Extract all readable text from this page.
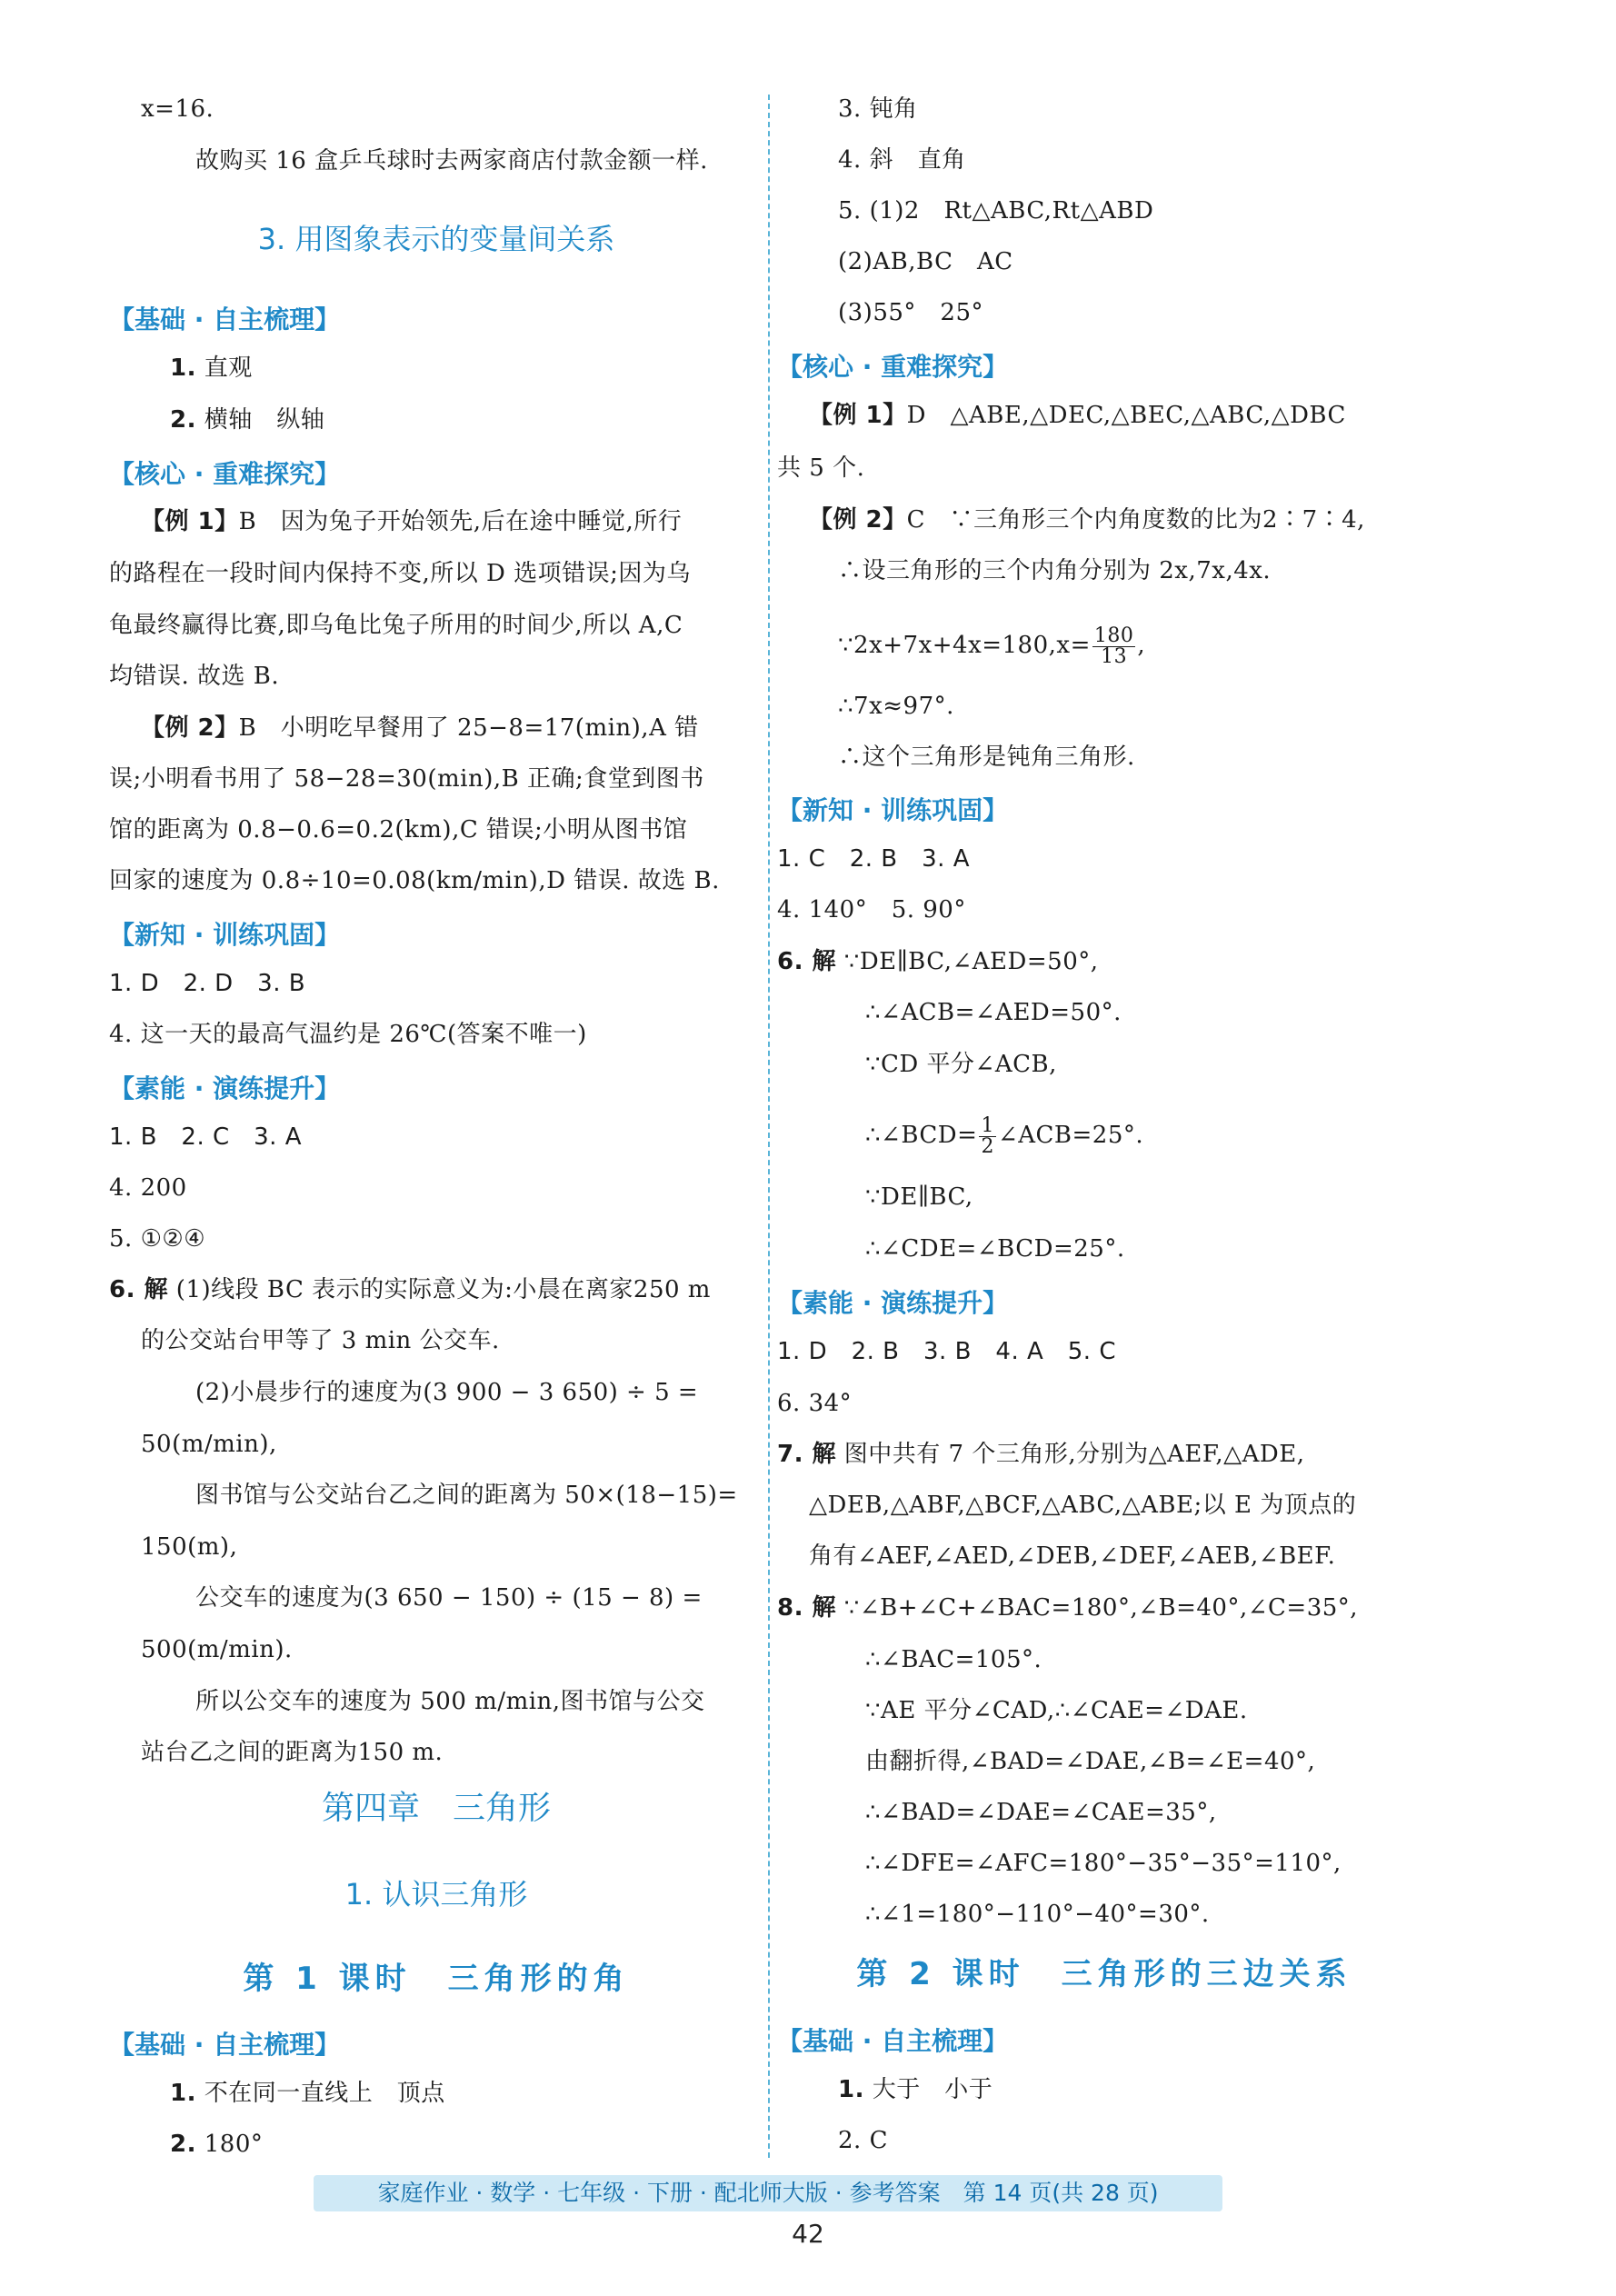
x=16.
故购买 16 盒乒乓球时去两家商店付款金额一样.
3. 用图象表示的变量间关系
【基础 · 自主梳理】
1. 直观
2. 横轴　纵轴
【核心 · 重难探究】
【例 1】B　因为兔子开始领先,后在途中睡觉,所行
的路程在一段时间内保持不变,所以 D 选项错误;因为乌
龟最终赢得比赛,即乌龟比兔子所用的时间少,所以 A,C
均错误. 故选 B.
【例 2】B　小明吃早餐用了 25−8=17(min),A 错
误;小明看书用了 58−28=30(min),B 正确;食堂到图书
馆的距离为 0.8−0.6=0.2(km),C 错误;小明从图书馆
回家的速度为 0.8÷10=0.08(km/min),D 错误. 故选 B.
【新知 · 训练巩固】
1. D　2. D　3. B
4. 这一天的最高气温约是 26℃(答案不唯一)
【素能 · 演练提升】
1. B　2. C　3. A
4. 200
5. ①②④
6. 解 (1)线段 BC 表示的实际意义为:小晨在离家250 m
的公交站台甲等了 3 min 公交车.
(2)小晨步行的速度为(3 900 − 3 650) ÷ 5 =
50(m/min),
图书馆与公交站台乙之间的距离为 50×(18−15)=
150(m),
公交车的速度为(3 650 − 150) ÷ (15 − 8) =
500(m/min).
所以公交车的速度为 500 m/min,图书馆与公交
站台乙之间的距离为150 m.
第四章　三角形
1. 认识三角形
第 1 课时　三角形的角
【基础 · 自主梳理】
1. 不在同一直线上　顶点
2. 180°
3. 钝角
4. 斜　直角
5. (1)2　Rt△ABC,Rt△ABD
(2)AB,BC　AC
(3)55°　25°
【核心 · 重难探究】
【例 1】D　△ABE,△DEC,△BEC,△ABC,△DBC
共 5 个.
【例 2】C　∵三角形三个内角度数的比为2∶7∶4,
∴设三角形的三个内角分别为 2x,7x,4x.
∵2x+7x+4x=180,x= $\frac{180}{13}$ ,
∴7x≈97°.
∴这个三角形是钝角三角形.
【新知 · 训练巩固】
1. C　2. B　3. A
4. 140°　5. 90°
6. 解 ∵DE∥BC,∠AED=50°,
∴∠ACB=∠AED=50°.
∵CD 平分∠ACB,
∴∠BCD= $\frac{1}{2}$ ∠ACB=25°.
∵DE∥BC,
∴∠CDE=∠BCD=25°.
【素能 · 演练提升】
1. D　2. B　3. B　4. A　5. C
6. 34°
7. 解 图中共有 7 个三角形,分别为△AEF,△ADE,
△DEB,△ABF,△BCF,△ABC,△ABE;以 E 为顶点的
角有∠AEF,∠AED,∠DEB,∠DEF,∠AEB,∠BEF.
8. 解 ∵∠B+∠C+∠BAC=180°,∠B=40°,∠C=35°,
∴∠BAC=105°.
∵AE 平分∠CAD,∴∠CAE=∠DAE.
由翻折得,∠BAD=∠DAE,∠B=∠E=40°,
∴∠BAD=∠DAE=∠CAE=35°,
∴∠DFE=∠AFC=180°−35°−35°=110°,
∴∠1=180°−110°−40°=30°.
第 2 课时　三角形的三边关系
【基础 · 自主梳理】
1. 大于　小于
2. C
家庭作业 · 数学 · 七年级 · 下册 · 配北师大版 · 参考答案　第 14 页(共 28 页)
42
